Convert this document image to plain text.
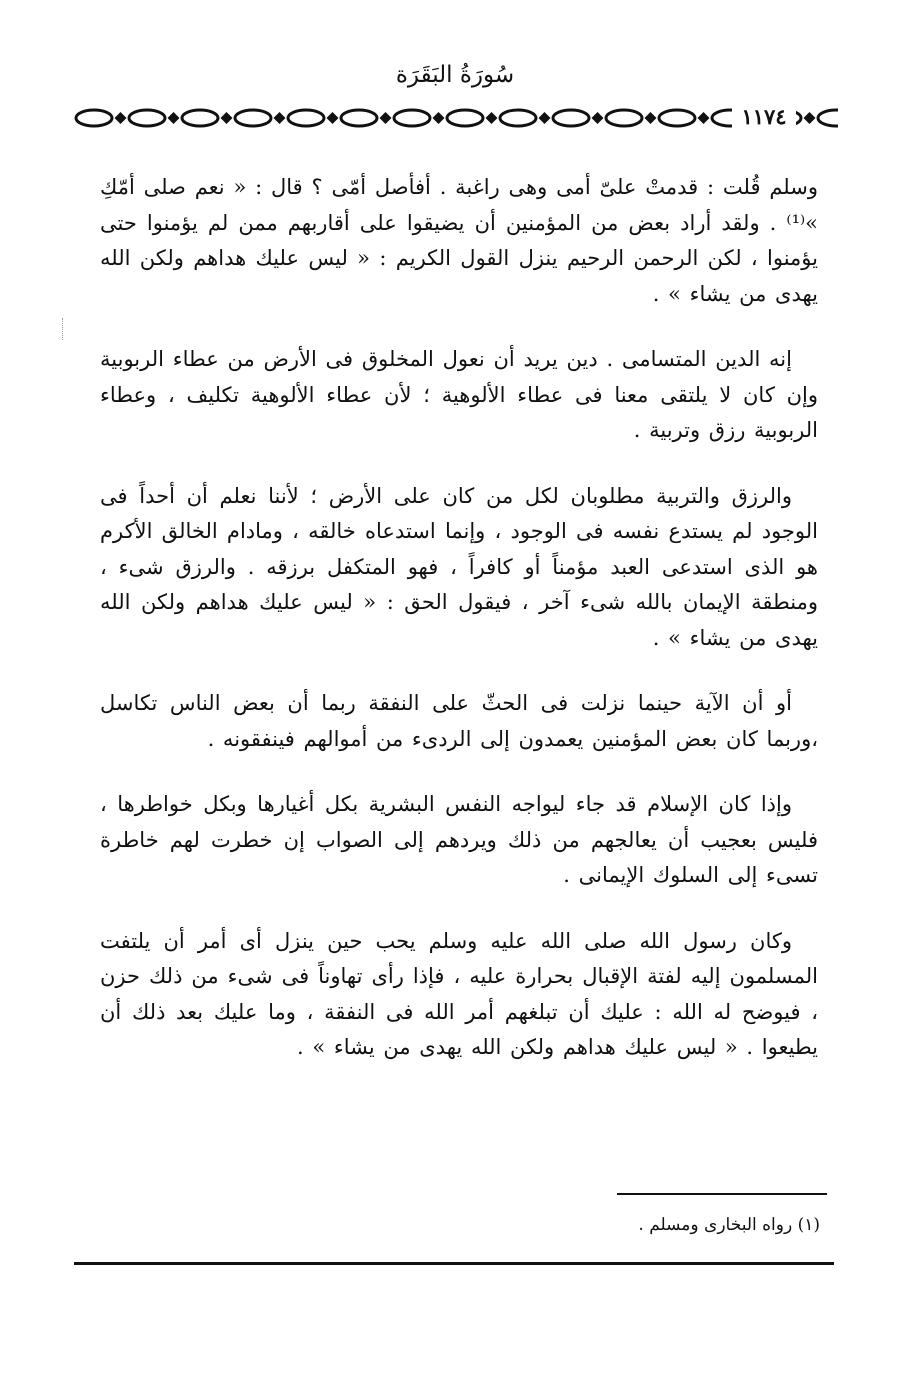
سُورَةُ البَقَرَة
١١٧٤

وسلم قُلت : قدمتْ علىّ أمى وهى راغبة . أفأصل أمّى ؟ قال : « نعم صلى أمّكِ »⁽¹⁾ . ولقد أراد بعض من المؤمنين أن يضيقوا على أقاربهم ممن لم يؤمنوا حتى يؤمنوا ، لكن الرحمن الرحيم ينزل القول الكريم : « ليس عليك هداهم ولكن الله يهدى من يشاء » .

إنه الدين المتسامى . دين يريد أن نعول المخلوق فى الأرض من عطاء الربوبية وإن كان لا يلتقى معنا فى عطاء الألوهية ؛ لأن عطاء الألوهية تكليف ، وعطاء الربوبية رزق وتربية .

والرزق والتربية مطلوبان لكل من كان على الأرض ؛ لأننا نعلم أن أحداً فى الوجود لم يستدع نفسه فى الوجود ، وإنما استدعاه خالقه ، ومادام الخالق الأكرم هو الذى استدعى العبد مؤمناً أو كافراً ، فهو المتكفل برزقه . والرزق شىء ، ومنطقة الإيمان بالله شىء آخر ، فيقول الحق : « ليس عليك هداهم ولكن الله يهدى من يشاء » .

أو أن الآية حينما نزلت فى الحثّ على النفقة ربما أن بعض الناس تكاسل ،وربما كان بعض المؤمنين يعمدون إلى الردىء من أموالهم فينفقونه .

وإذا كان الإسلام قد جاء ليواجه النفس البشرية بكل أغيارها وبكل خواطرها ، فليس بعجيب أن يعالجهم من ذلك ويردهم إلى الصواب إن خطرت لهم خاطرة تسىء إلى السلوك الإيمانى .

وكان رسول الله صلى الله عليه وسلم يحب حين ينزل أى أمر أن يلتفت المسلمون إليه لفتة الإقبال بحرارة عليه ، فإذا رأى تهاوناً فى شىء من ذلك حزن ، فيوضح له الله : عليك أن تبلغهم أمر الله فى النفقة ، وما عليك بعد ذلك أن يطيعوا . « ليس عليك هداهم ولكن الله يهدى من يشاء » .

(١) رواه البخارى ومسلم .
